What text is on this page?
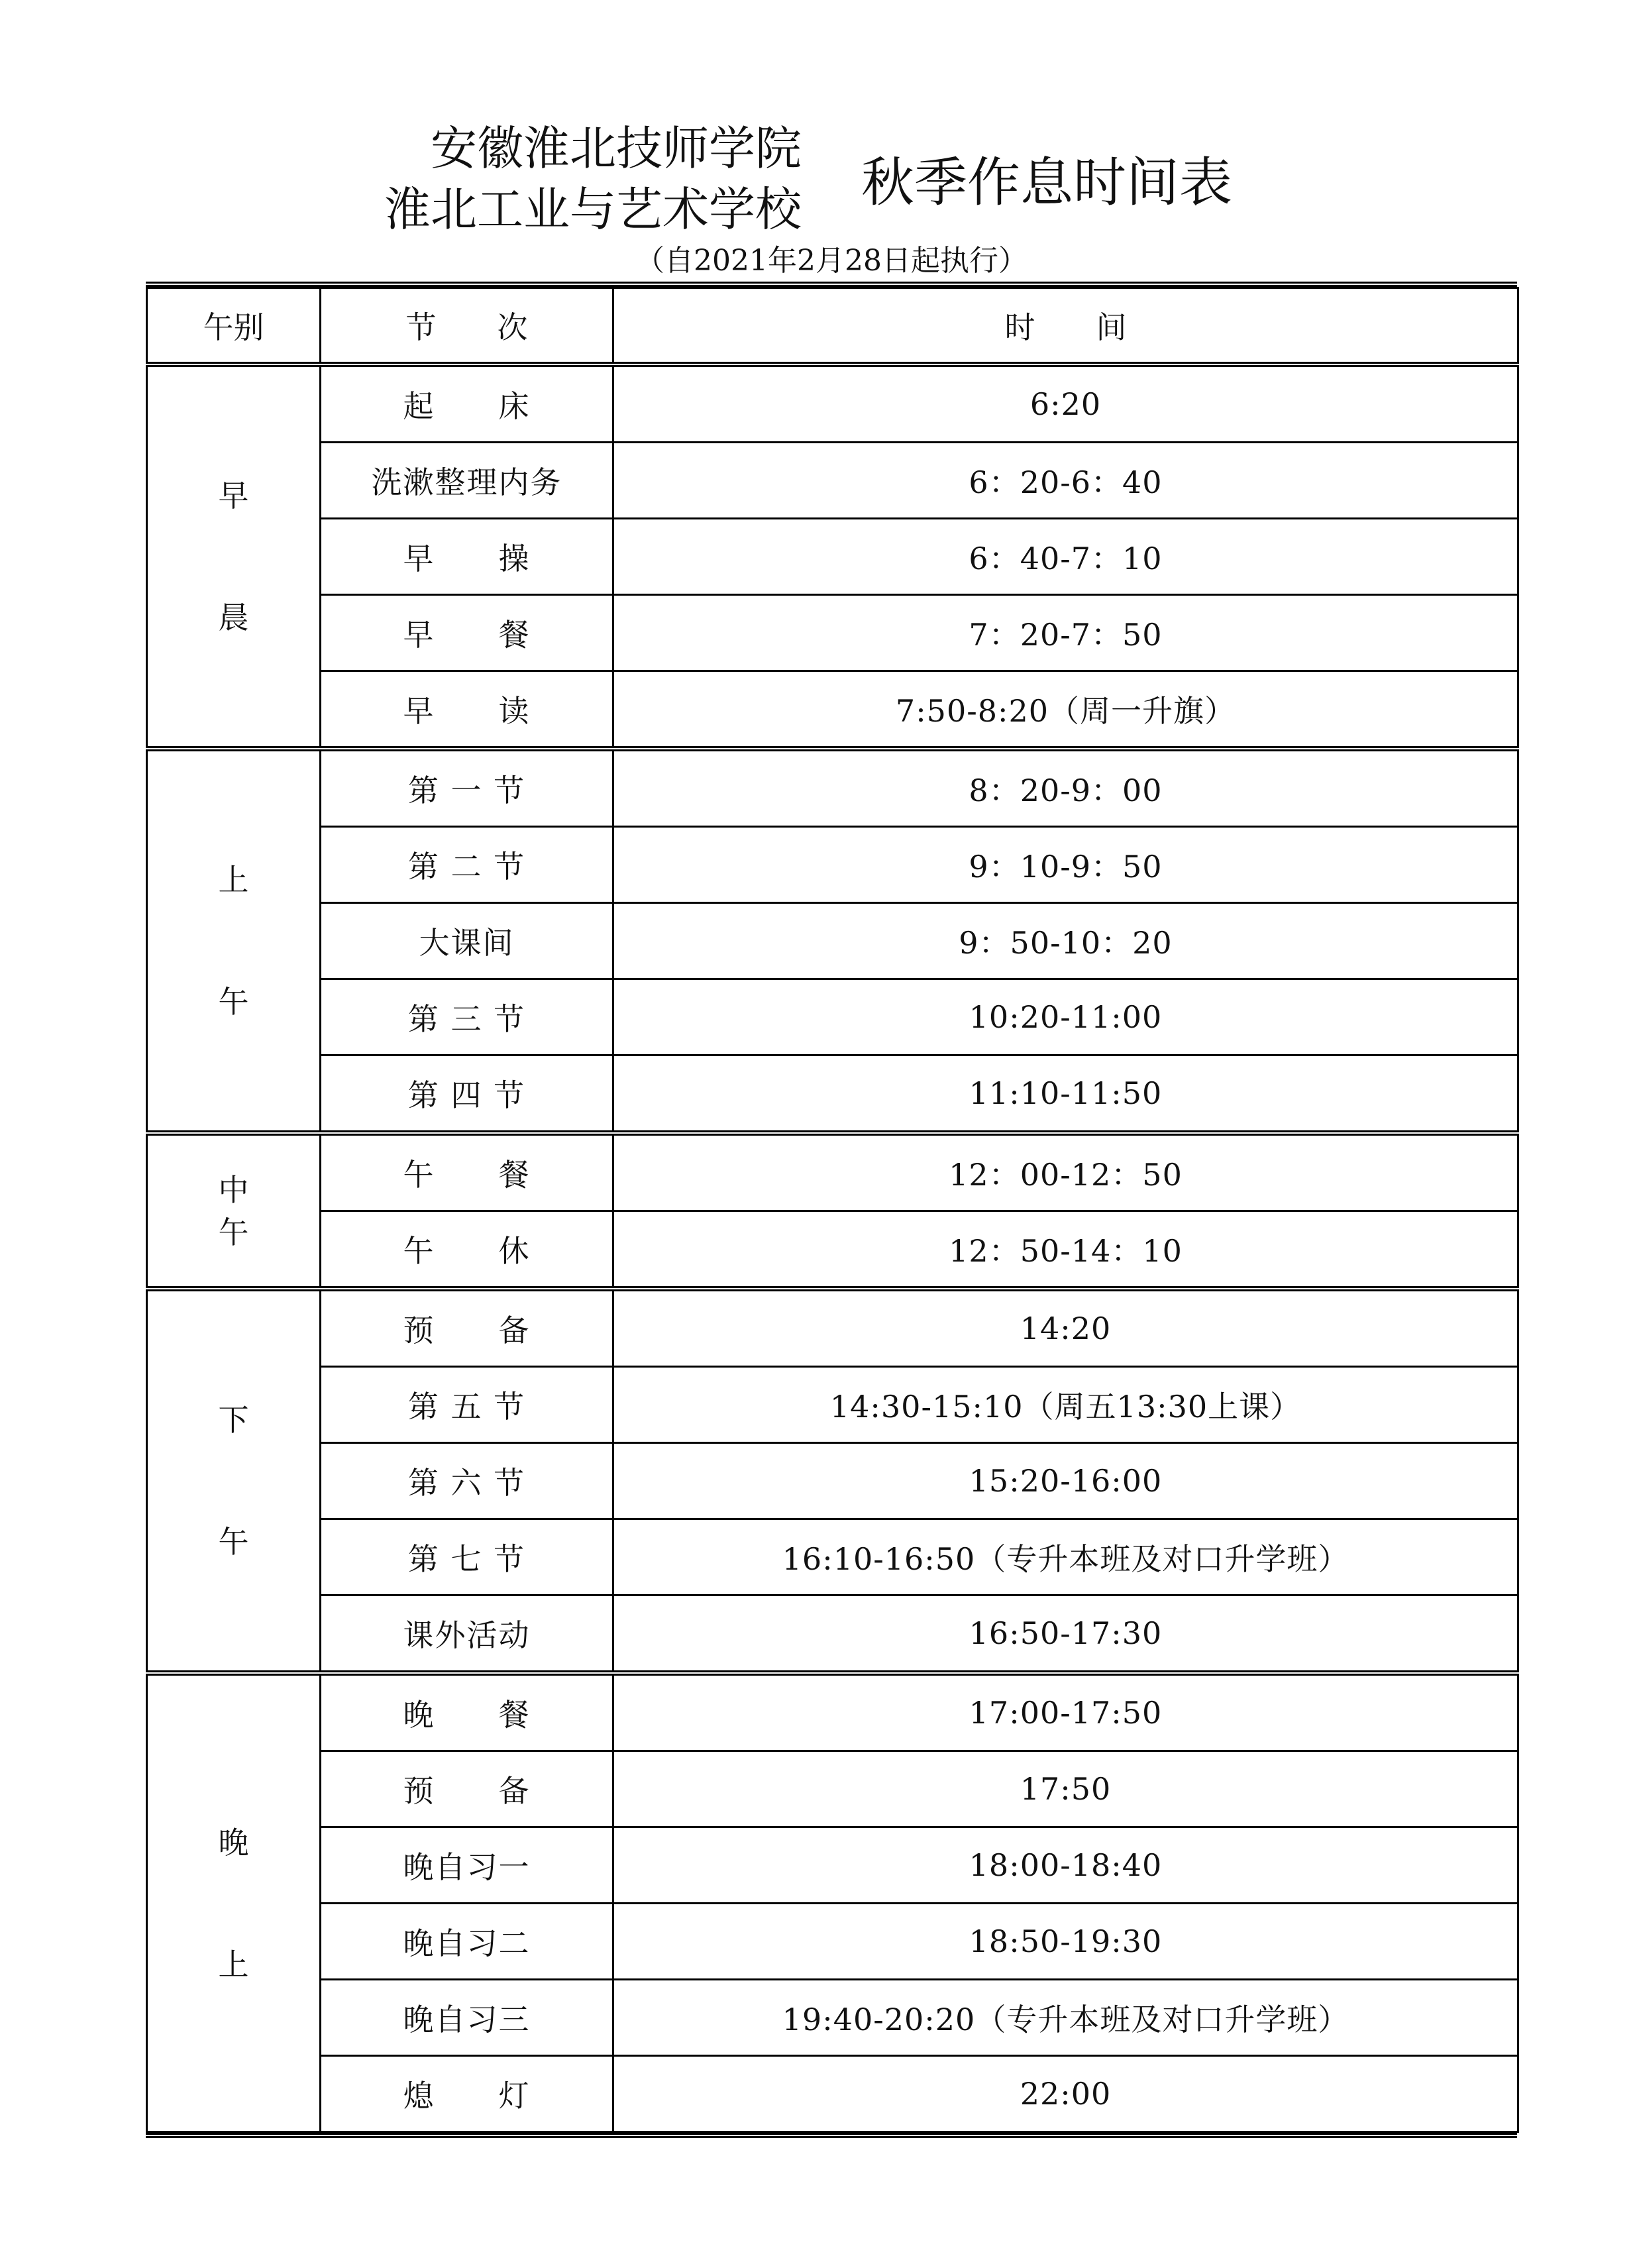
安徽淮北技师学院
淮北工业与艺术学校 秋季作息时间表
（自2021年2月28日起执行）
午别	节　　次	时　　间

早
晨	起　　床	6:20
	洗漱整理内务	6：20-6：40
	早　　操	6：40-7：10
	早　　餐	7：20-7：50
	早　　读	7:50-8:20（周一升旗）

上
午	第 一 节	8：20-9：00
	第 二 节	9：10-9：50
	大课间	9：50-10：20
	第 三 节	10:20-11:00
	第 四 节	11:10-11:50

中
午	午　　餐	12：00-12：50
	午　　休	12：50-14：10

下
午	预　　备	14:20
	第 五 节	14:30-15:10（周五13:30上课）
	第 六 节	15:20-16:00
	第 七 节	16:10-16:50（专升本班及对口升学班）
	课外活动	16:50-17:30

晚
上	晚　　餐	17:00-17:50
	预　　备	17:50
	晚自习一	18:00-18:40
	晚自习二	18:50-19:30
	晚自习三	19:40-20:20（专升本班及对口升学班）
	熄　　灯	22:00
